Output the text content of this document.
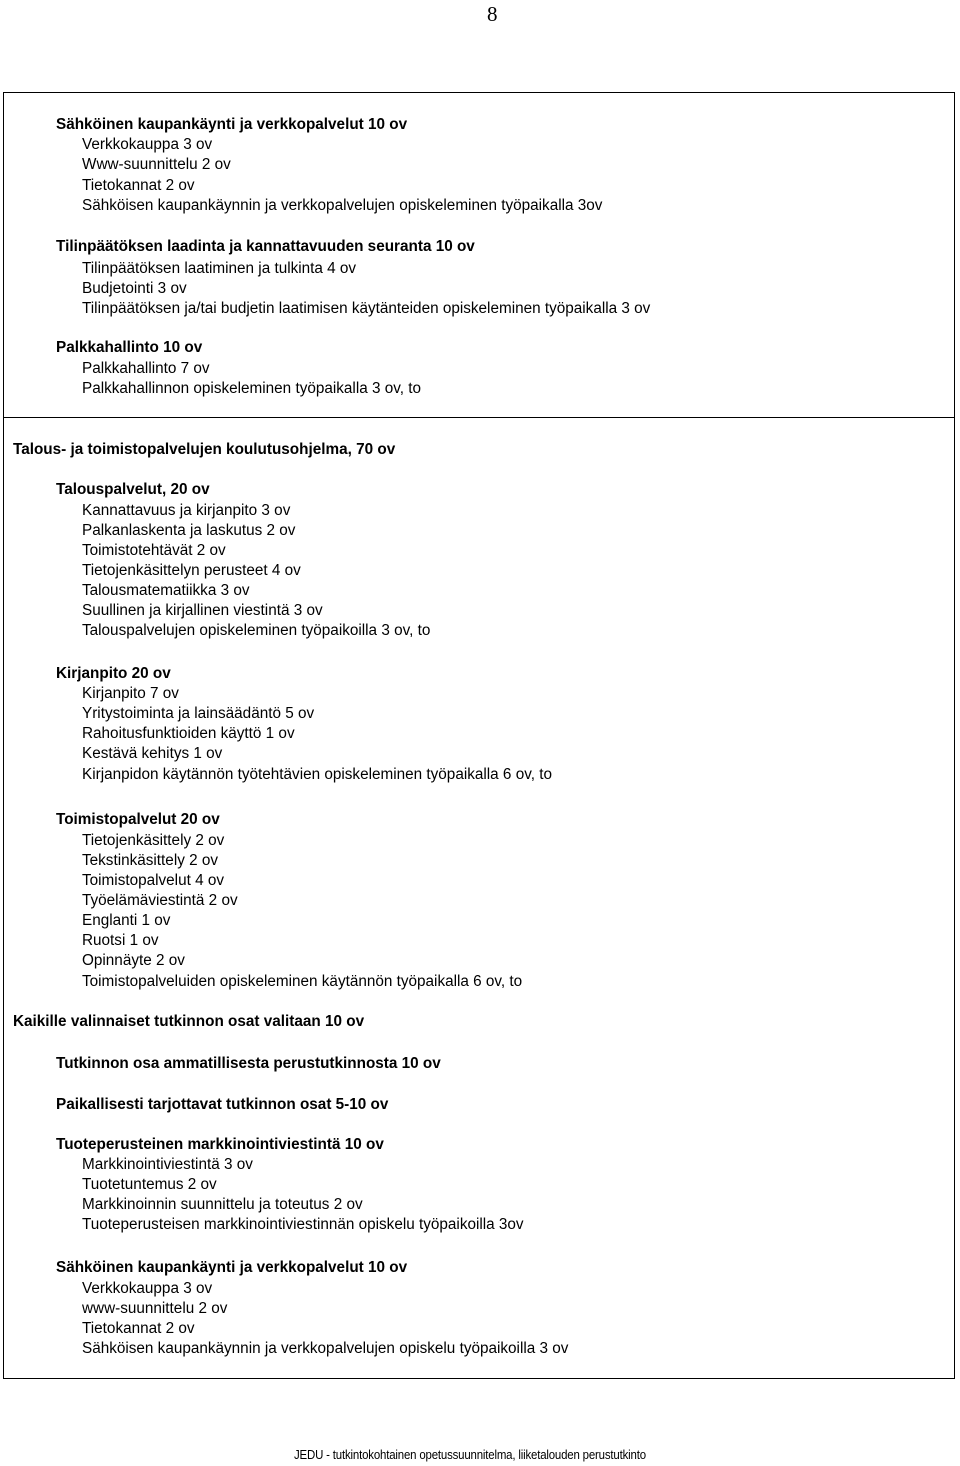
8
Sähköinen kaupankäynti ja verkkopalvelut 10 ov
Verkkokauppa 3 ov
Www-suunnittelu 2 ov
Tietokannat 2 ov
Sähköisen kaupankäynnin ja verkkopalvelujen opiskeleminen työpaikalla 3ov
Tilinpäätöksen laadinta ja kannattavuuden seuranta 10 ov
Tilinpäätöksen laatiminen ja tulkinta 4 ov
Budjetointi 3 ov
Tilinpäätöksen ja/tai budjetin laatimisen käytänteiden opiskeleminen työpaikalla 3 ov
Palkkahallinto 10 ov
Palkkahallinto 7 ov
Palkkahallinnon opiskeleminen työpaikalla 3 ov, to
Talous- ja toimistopalvelujen koulutusohjelma, 70 ov
Talouspalvelut, 20 ov
Kannattavuus ja kirjanpito 3 ov
Palkanlaskenta ja laskutus 2 ov
Toimistotehtävät 2 ov
Tietojenkäsittelyn perusteet 4 ov
Talousmatematiikka 3 ov
Suullinen ja kirjallinen viestintä 3 ov
Talouspalvelujen opiskeleminen työpaikoilla 3 ov, to
Kirjanpito 20 ov
Kirjanpito 7 ov
Yritystoiminta ja lainsäädäntö 5 ov
Rahoitusfunktioiden käyttö 1 ov
Kestävä kehitys 1 ov
Kirjanpidon käytännön työtehtävien opiskeleminen työpaikalla 6 ov, to
Toimistopalvelut 20 ov
Tietojenkäsittely 2 ov
Tekstinkäsittely 2 ov
Toimistopalvelut 4 ov
Työelämäviestintä 2 ov
Englanti 1 ov
Ruotsi 1 ov
Opinnäyte 2 ov
Toimistopalveluiden opiskeleminen käytännön työpaikalla 6 ov, to
Kaikille valinnaiset tutkinnon osat valitaan 10 ov
Tutkinnon osa ammatillisesta perustutkinnosta 10 ov
Paikallisesti tarjottavat tutkinnon osat 5-10 ov
Tuoteperusteinen markkinointiviestintä 10 ov
Markkinointiviestintä 3 ov
Tuotetuntemus 2 ov
Markkinoinnin suunnittelu ja toteutus 2 ov
Tuoteperusteisen markkinointiviestinnän opiskelu työpaikoilla 3ov
Sähköinen kaupankäynti ja verkkopalvelut 10 ov
Verkkokauppa 3 ov
www-suunnittelu 2 ov
Tietokannat 2 ov
Sähköisen kaupankäynnin ja verkkopalvelujen opiskelu työpaikoilla 3 ov
JEDU - tutkintokohtainen opetussuunnitelma, liiketalouden perustutkinto
